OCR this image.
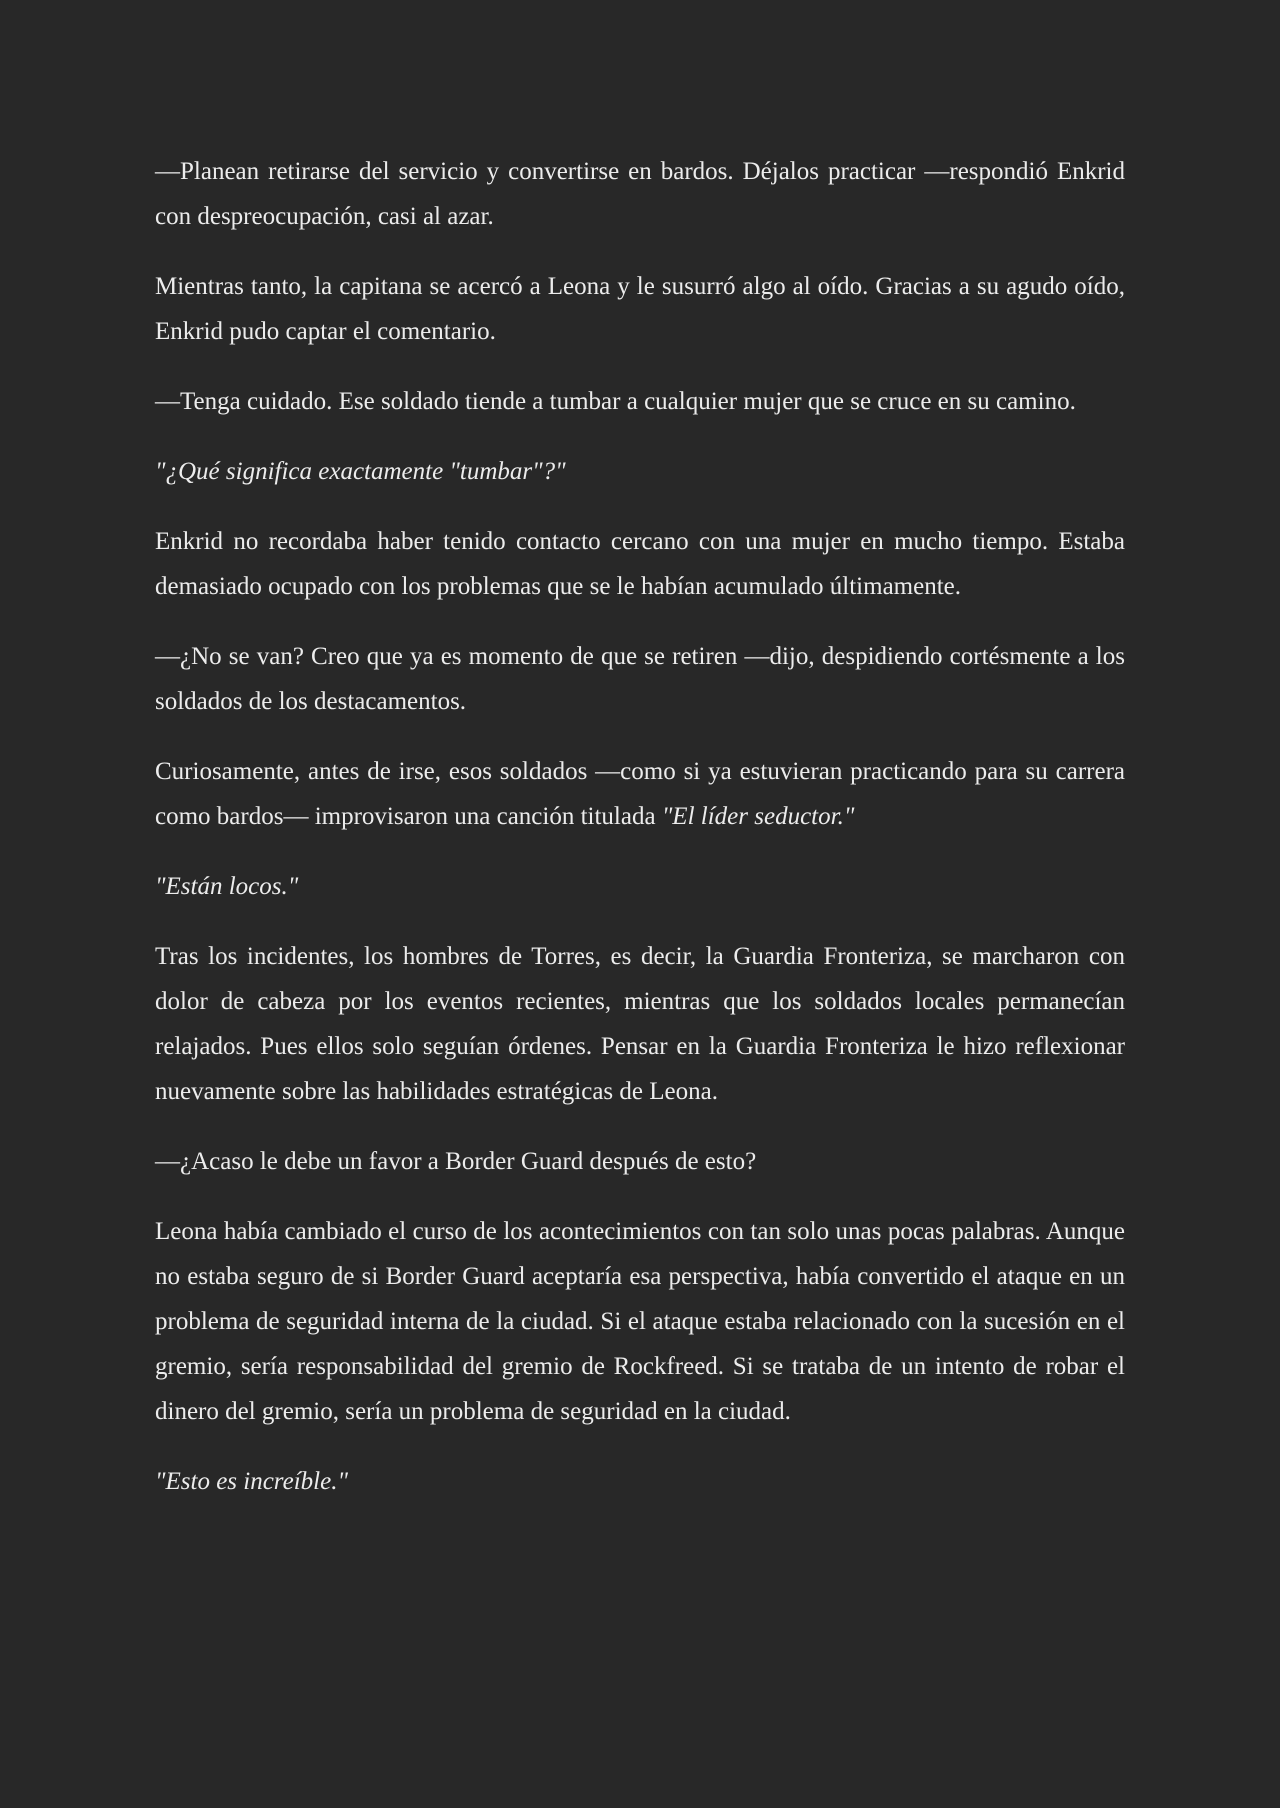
—Planean retirarse del servicio y convertirse en bardos. Déjalos practicar —respondió Enkrid con despreocupación, casi al azar.

Mientras tanto, la capitana se acercó a Leona y le susurró algo al oído. Gracias a su agudo oído, Enkrid pudo captar el comentario.

—Tenga cuidado. Ese soldado tiende a tumbar a cualquier mujer que se cruce en su camino.

"¿Qué significa exactamente "tumbar"?"

Enkrid no recordaba haber tenido contacto cercano con una mujer en mucho tiempo. Estaba demasiado ocupado con los problemas que se le habían acumulado últimamente.

—¿No se van? Creo que ya es momento de que se retiren —dijo, despidiendo cortésmente a los soldados de los destacamentos.

Curiosamente, antes de irse, esos soldados —como si ya estuvieran practicando para su carrera como bardos— improvisaron una canción titulada "El líder seductor."

"Están locos."

Tras los incidentes, los hombres de Torres, es decir, la Guardia Fronteriza, se marcharon con dolor de cabeza por los eventos recientes, mientras que los soldados locales permanecían relajados. Pues ellos solo seguían órdenes. Pensar en la Guardia Fronteriza le hizo reflexionar nuevamente sobre las habilidades estratégicas de Leona.

—¿Acaso le debe un favor a Border Guard después de esto?

Leona había cambiado el curso de los acontecimientos con tan solo unas pocas palabras. Aunque no estaba seguro de si Border Guard aceptaría esa perspectiva, había convertido el ataque en un problema de seguridad interna de la ciudad. Si el ataque estaba relacionado con la sucesión en el gremio, sería responsabilidad del gremio de Rockfreed. Si se trataba de un intento de robar el dinero del gremio, sería un problema de seguridad en la ciudad.

"Esto es increíble."
